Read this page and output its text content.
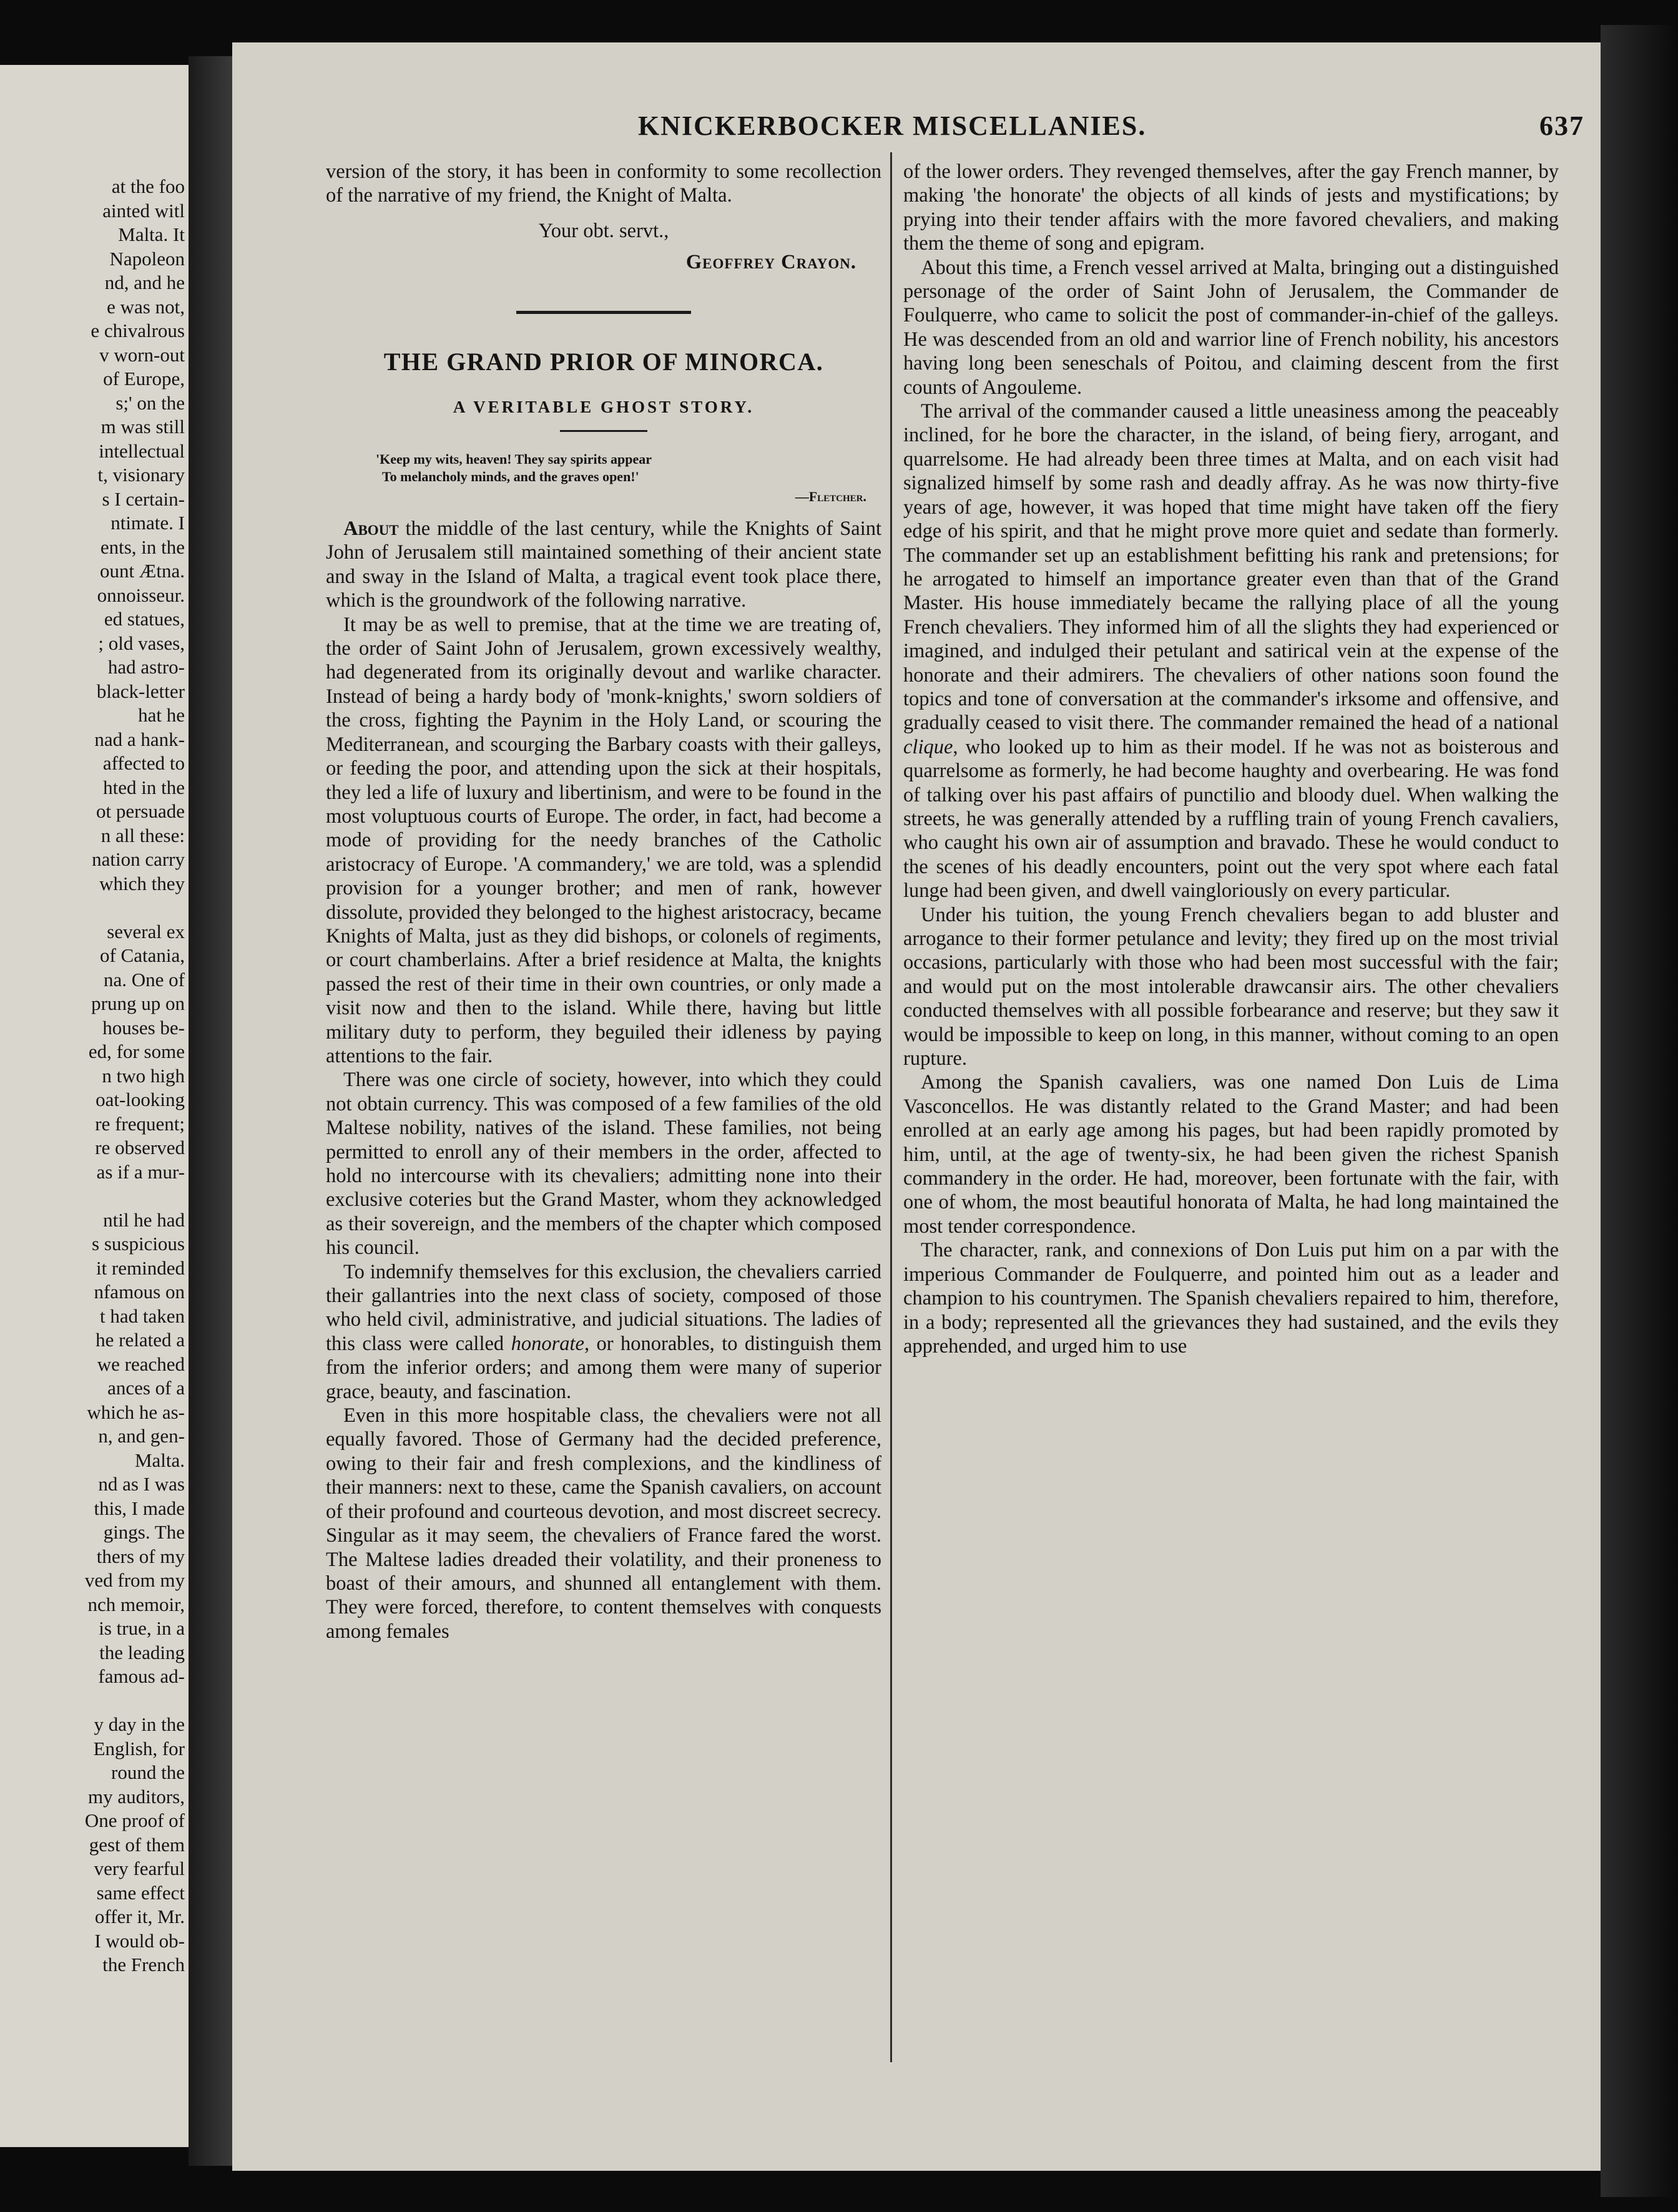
at the foo
ainted witl
Malta. It
Napoleon
nd, and he
e was not,
e chivalrous
v worn-out
of Europe,
s;' on the
m was still
intellectual
t, visionary
s I certain-
ntimate. I
ents, in the
ount Ætna.
onnoisseur.
ed statues,
; old vases,
had astro-
black-letter
hat he
nad a hank-
affected to
hted in the
ot persuade
n all these:
nation carry
which they
several ex
of Catania,
na. One of
prung up on
houses be-
ed, for some
n two high
oat-looking
re frequent;
re observed
as if a mur-
ntil he had
s suspicious
it reminded
nfamous on
t had taken
he related a
we reached
ances of a
which he as-
n, and gen-
Malta.
nd as I was
this, I made
gings. The
thers of my
ved from my
nch memoir,
is true, in a
the leading
famous ad-
y day in the
English, for
round the
my auditors,
One proof of
gest of them
very fearful
same effect
offer it, Mr.
I would ob-
the French
KNICKERBOCKER MISCELLANIES.	637

version of the story, it has been in conformity to some recollection of the narrative of my friend, the Knight of Malta.

Your obt. servt.,
Geoffrey Crayon.
THE GRAND PRIOR OF MINORCA.
A VERITABLE GHOST STORY.
'Keep my wits, heaven! They say spirits appear
To melancholy minds, and the graves open!'
—Fletcher.

About the middle of the last century, while the Knights of Saint John of Jerusalem still maintained something of their ancient state and sway in the Island of Malta, a tragical event took place there, which is the groundwork of the following narrative.

It may be as well to premise, that at the time we are treating of, the order of Saint John of Jerusalem, grown excessively wealthy, had degenerated from its originally devout and warlike character. Instead of being a hardy body of 'monk-knights,' sworn soldiers of the cross, fighting the Paynim in the Holy Land, or scouring the Mediterranean, and scourging the Barbary coasts with their galleys, or feeding the poor, and attending upon the sick at their hospitals, they led a life of luxury and libertinism, and were to be found in the most voluptuous courts of Europe. The order, in fact, had become a mode of providing for the needy branches of the Catholic aristocracy of Europe. 'A commandery,' we are told, was a splendid provision for a younger brother; and men of rank, however dissolute, provided they belonged to the highest aristocracy, became Knights of Malta, just as they did bishops, or colonels of regiments, or court chamberlains. After a brief residence at Malta, the knights passed the rest of their time in their own countries, or only made a visit now and then to the island. While there, having but little military duty to perform, they beguiled their idleness by paying attentions to the fair.

There was one circle of society, however, into which they could not obtain currency. This was composed of a few families of the old Maltese nobility, natives of the island. These families, not being permitted to enroll any of their members in the order, affected to hold no intercourse with its chevaliers; admitting none into their exclusive coteries but the Grand Master, whom they acknowledged as their sovereign, and the members of the chapter which composed his council.

To indemnify themselves for this exclusion, the chevaliers carried their gallantries into the next class of society, composed of those who held civil, administrative, and judicial situations. The ladies of this class were called honorate, or honorables, to distinguish them from the inferior orders; and among them were many of superior grace, beauty, and fascination.

Even in this more hospitable class, the chevaliers were not all equally favored. Those of Germany had the decided preference, owing to their fair and fresh complexions, and the kindliness of their manners: next to these, came the Spanish cavaliers, on account of their profound and courteous devotion, and most discreet secrecy. Singular as it may seem, the chevaliers of France fared the worst. The Maltese ladies dreaded their volatility, and their proneness to boast of their amours, and shunned all entanglement with them. They were forced, therefore, to content themselves with conquests among females

of the lower orders. They revenged themselves, after the gay French manner, by making 'the honorate' the objects of all kinds of jests and mystifications; by prying into their tender affairs with the more favored chevaliers, and making them the theme of song and epigram.

About this time, a French vessel arrived at Malta, bringing out a distinguished personage of the order of Saint John of Jerusalem, the Commander de Foulquerre, who came to solicit the post of commander-in-chief of the galleys. He was descended from an old and warrior line of French nobility, his ancestors having long been seneschals of Poitou, and claiming descent from the first counts of Angouleme.

The arrival of the commander caused a little uneasiness among the peaceably inclined, for he bore the character, in the island, of being fiery, arrogant, and quarrelsome. He had already been three times at Malta, and on each visit had signalized himself by some rash and deadly affray. As he was now thirty-five years of age, however, it was hoped that time might have taken off the fiery edge of his spirit, and that he might prove more quiet and sedate than formerly. The commander set up an establishment befitting his rank and pretensions; for he arrogated to himself an importance greater even than that of the Grand Master. His house immediately became the rallying place of all the young French chevaliers. They informed him of all the slights they had experienced or imagined, and indulged their petulant and satirical vein at the expense of the honorate and their admirers. The chevaliers of other nations soon found the topics and tone of conversation at the commander's irksome and offensive, and gradually ceased to visit there. The commander remained the head of a national clique, who looked up to him as their model. If he was not as boisterous and quarrelsome as formerly, he had become haughty and overbearing. He was fond of talking over his past affairs of punctilio and bloody duel. When walking the streets, he was generally attended by a ruffling train of young French cavaliers, who caught his own air of assumption and bravado. These he would conduct to the scenes of his deadly encounters, point out the very spot where each fatal lunge had been given, and dwell vaingloriously on every particular.

Under his tuition, the young French chevaliers began to add bluster and arrogance to their former petulance and levity; they fired up on the most trivial occasions, particularly with those who had been most successful with the fair; and would put on the most intolerable drawcansir airs. The other chevaliers conducted themselves with all possible forbearance and reserve; but they saw it would be impossible to keep on long, in this manner, without coming to an open rupture.

Among the Spanish cavaliers, was one named Don Luis de Lima Vasconcellos. He was distantly related to the Grand Master; and had been enrolled at an early age among his pages, but had been rapidly promoted by him, until, at the age of twenty-six, he had been given the richest Spanish commandery in the order. He had, moreover, been fortunate with the fair, with one of whom, the most beautiful honorata of Malta, he had long maintained the most tender correspondence.

The character, rank, and connexions of Don Luis put him on a par with the imperious Commander de Foulquerre, and pointed him out as a leader and champion to his countrymen. The Spanish chevaliers repaired to him, therefore, in a body; represented all the grievances they had sustained, and the evils they apprehended, and urged him to use
